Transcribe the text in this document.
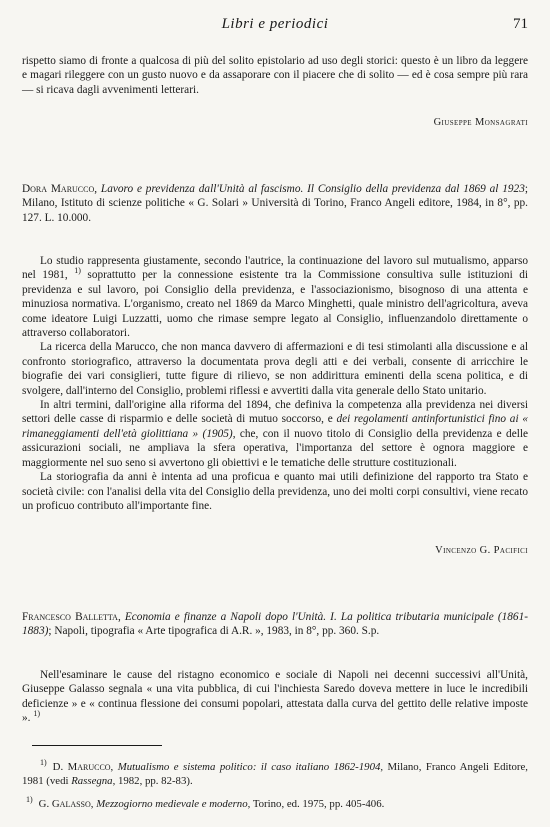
Libri e periodici	71

rispetto siamo di fronte a qualcosa di più del solito epistolario ad uso degli storici: questo è un libro da leggere e magari rileggere con un gusto nuovo e da assaporare con il piacere che di solito — ed è cosa sempre più rara — si ricava dagli avvenimenti letterari.

Giuseppe Monsagrati
Dora Marucco, Lavoro e previdenza dall'Unità al fascismo. Il Consiglio della previdenza dal 1869 al 1923; Milano, Istituto di scienze politiche « G. Solari » Università di Torino, Franco Angeli editore, 1984, in 8°, pp. 127. L. 10.000.

Lo studio rappresenta giustamente, secondo l'autrice, la continuazione del lavoro sul mutualismo, apparso nel 1981, $^{1)}$ soprattutto per la connessione esistente tra la Commissione consultiva sulle istituzioni di previdenza e sul lavoro, poi Consiglio della previdenza, e l'associazionismo, bisognoso di una attenta e minuziosa normativa. L'organismo, creato nel 1869 da Marco Minghetti, quale ministro dell'agricoltura, aveva come ideatore Luigi Luzzatti, uomo che rimase sempre legato al Consiglio, influenzandolo direttamente o attraverso collaboratori.

La ricerca della Marucco, che non manca davvero di affermazioni e di tesi stimolanti alla discussione e al confronto storiografico, attraverso la documentata prova degli atti e dei verbali, consente di arricchire le biografie dei vari consiglieri, tutte figure di rilievo, se non addirittura eminenti della scena politica, e di svolgere, dall'interno del Consiglio, problemi riflessi e avvertiti dalla vita generale dello Stato unitario.

In altri termini, dall'origine alla riforma del 1894, che definiva la competenza alla previdenza nei diversi settori delle casse di risparmio e delle società di mutuo soccorso, e dei regolamenti antinfortunistici fino ai « rimaneggiamenti dell'età giolittiana » (1905), che, con il nuovo titolo di Consiglio della previdenza e delle assicurazioni sociali, ne ampliava la sfera operativa, l'importanza del settore è ognora maggiore e maggiormente nel suo seno si avvertono gli obiettivi e le tematiche delle strutture costituzionali.

La storiografia da anni è intenta ad una proficua e quanto mai utili definizione del rapporto tra Stato e società civile: con l'analisi della vita del Consiglio della previdenza, uno dei molti corpi consultivi, viene recato un proficuo contributo all'importante fine.

Vincenzo G. Pacifici
Francesco Balletta, Economia e finanze a Napoli dopo l'Unità. I. La politica tributaria municipale (1861-1883); Napoli, tipografia « Arte tipografica di A.R. », 1983, in 8°, pp. 360. S.p.

Nell'esaminare le cause del ristagno economico e sociale di Napoli nei decenni successivi all'Unità, Giuseppe Galasso segnala « una vita pubblica, di cui l'inchiesta Saredo doveva mettere in luce le incredibili deficienze » e « continua flessione dei consumi popolari, attestata dalla curva del gettito delle relative imposte ». $^{1)}$

$^{1)}$ D. Marucco, Mutualismo e sistema politico: il caso italiano 1862-1904, Milano, Franco Angeli Editore, 1981 (vedi Rassegna, 1982, pp. 82-83).
$^{1)}$ G. Galasso, Mezzogiorno medievale e moderno, Torino, ed. 1975, pp. 405-406.
